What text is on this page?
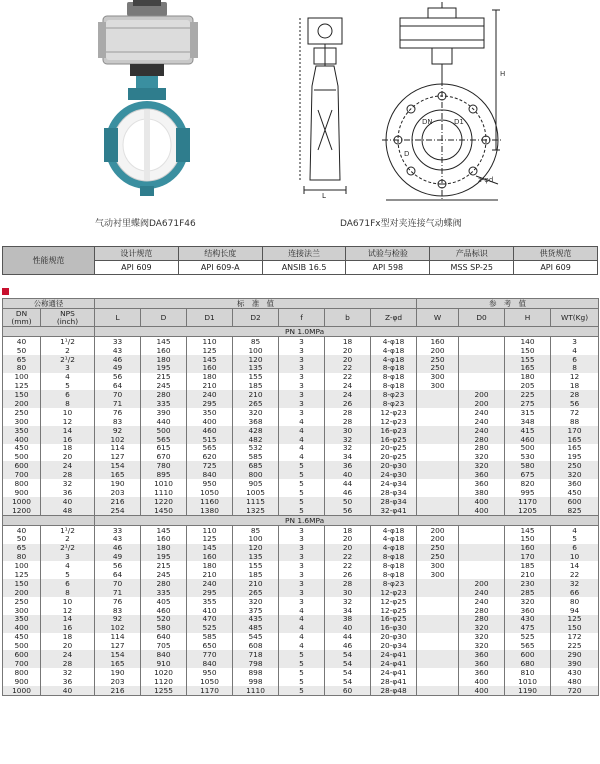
L
DN	D1
D
z-φd
H
气动衬里蝶阀DA671F46	DA671Fx型对夹连接气动蝶阀
性能规范	设计规范	结构长度	连接法兰	试验与检验	产品标识	供货规范
	API 609	API 609-A	ANSIB 16.5	API 598	MSS SP-25	API 609
公称通径		标　准　值							参　考　值			
DN
(mm)	NPS
(inch)	L	D	D1	D2	f	b	Z-φd	W	D0	H	WT(Kg)
		PN 1.0MPa										
40	1¹/2	33	145	110	85	3	18	4-φ18	160		140	3
50	2	43	160	125	100	3	20	4-φ18	200		150	4
65	2¹/2	46	180	145	120	3	20	4-φ18	250		155	6
80	3	49	195	160	135	3	22	8-φ18	250		165	8
100	4	56	215	180	155	3	22	8-φ18	300		180	12
125	5	64	245	210	185	3	24	8-φ18	300		205	18
150	6	70	280	240	210	3	24	8-φ23		200	225	28
200	8	71	335	295	265	3	26	8-φ23		200	275	56
250	10	76	390	350	320	3	28	12-φ23		240	315	72
300	12	83	440	400	368	4	28	12-φ23		240	348	88
350	14	92	500	460	428	4	30	16-φ23		240	415	170
400	16	102	565	515	482	4	32	16-φ25		280	460	165
450	18	114	615	565	532	4	32	20-φ25		280	500	165
500	20	127	670	620	585	4	34	20-φ25		320	530	195
600	24	154	780	725	685	5	36	20-φ30		320	580	250
700	28	165	895	840	800	5	40	24-φ30		360	675	320
800	32	190	1010	950	905	5	44	24-φ34		360	820	360
900	36	203	1110	1050	1005	5	46	28-φ34		380	995	450
1000	40	216	1220	1160	1115	5	50	28-φ34		400	1170	600
1200	48	254	1450	1380	1325	5	56	32-φ41		400	1205	825
		PN 1.6MPa										
40	1¹/2	33	145	110	85	3	18	4-φ18	200		145	4
50	2	43	160	125	100	3	20	4-φ18	200		150	5
65	2¹/2	46	180	145	120	3	20	4-φ18	250		160	6
80	3	49	195	160	135	3	22	8-φ18	250		170	10
100	4	56	215	180	155	3	22	8-φ18	300		185	14
125	5	64	245	210	185	3	26	8-φ18	300		210	22
150	6	70	280	240	210	3	28	8-φ23		200	230	32
200	8	71	335	295	265	3	30	12-φ23		240	285	66
250	10	76	405	355	320	3	32	12-φ25		240	320	80
300	12	83	460	410	375	4	34	12-φ25		280	360	94
350	14	92	520	470	435	4	38	16-φ25		280	430	125
400	16	102	580	525	485	4	40	16-φ30		320	475	150
450	18	114	640	585	545	4	44	20-φ30		320	525	172
500	20	127	705	650	608	4	46	20-φ34		320	565	225
600	24	154	840	770	718	5	54	24-φ41		360	600	290
700	28	165	910	840	798	5	54	24-φ41		360	680	390
800	32	190	1020	950	898	5	54	24-φ41		360	810	430
900	36	203	1120	1050	998	5	54	28-φ41		400	1010	480
1000	40	216	1255	1170	1110	5	60	28-φ48		400	1190	720
